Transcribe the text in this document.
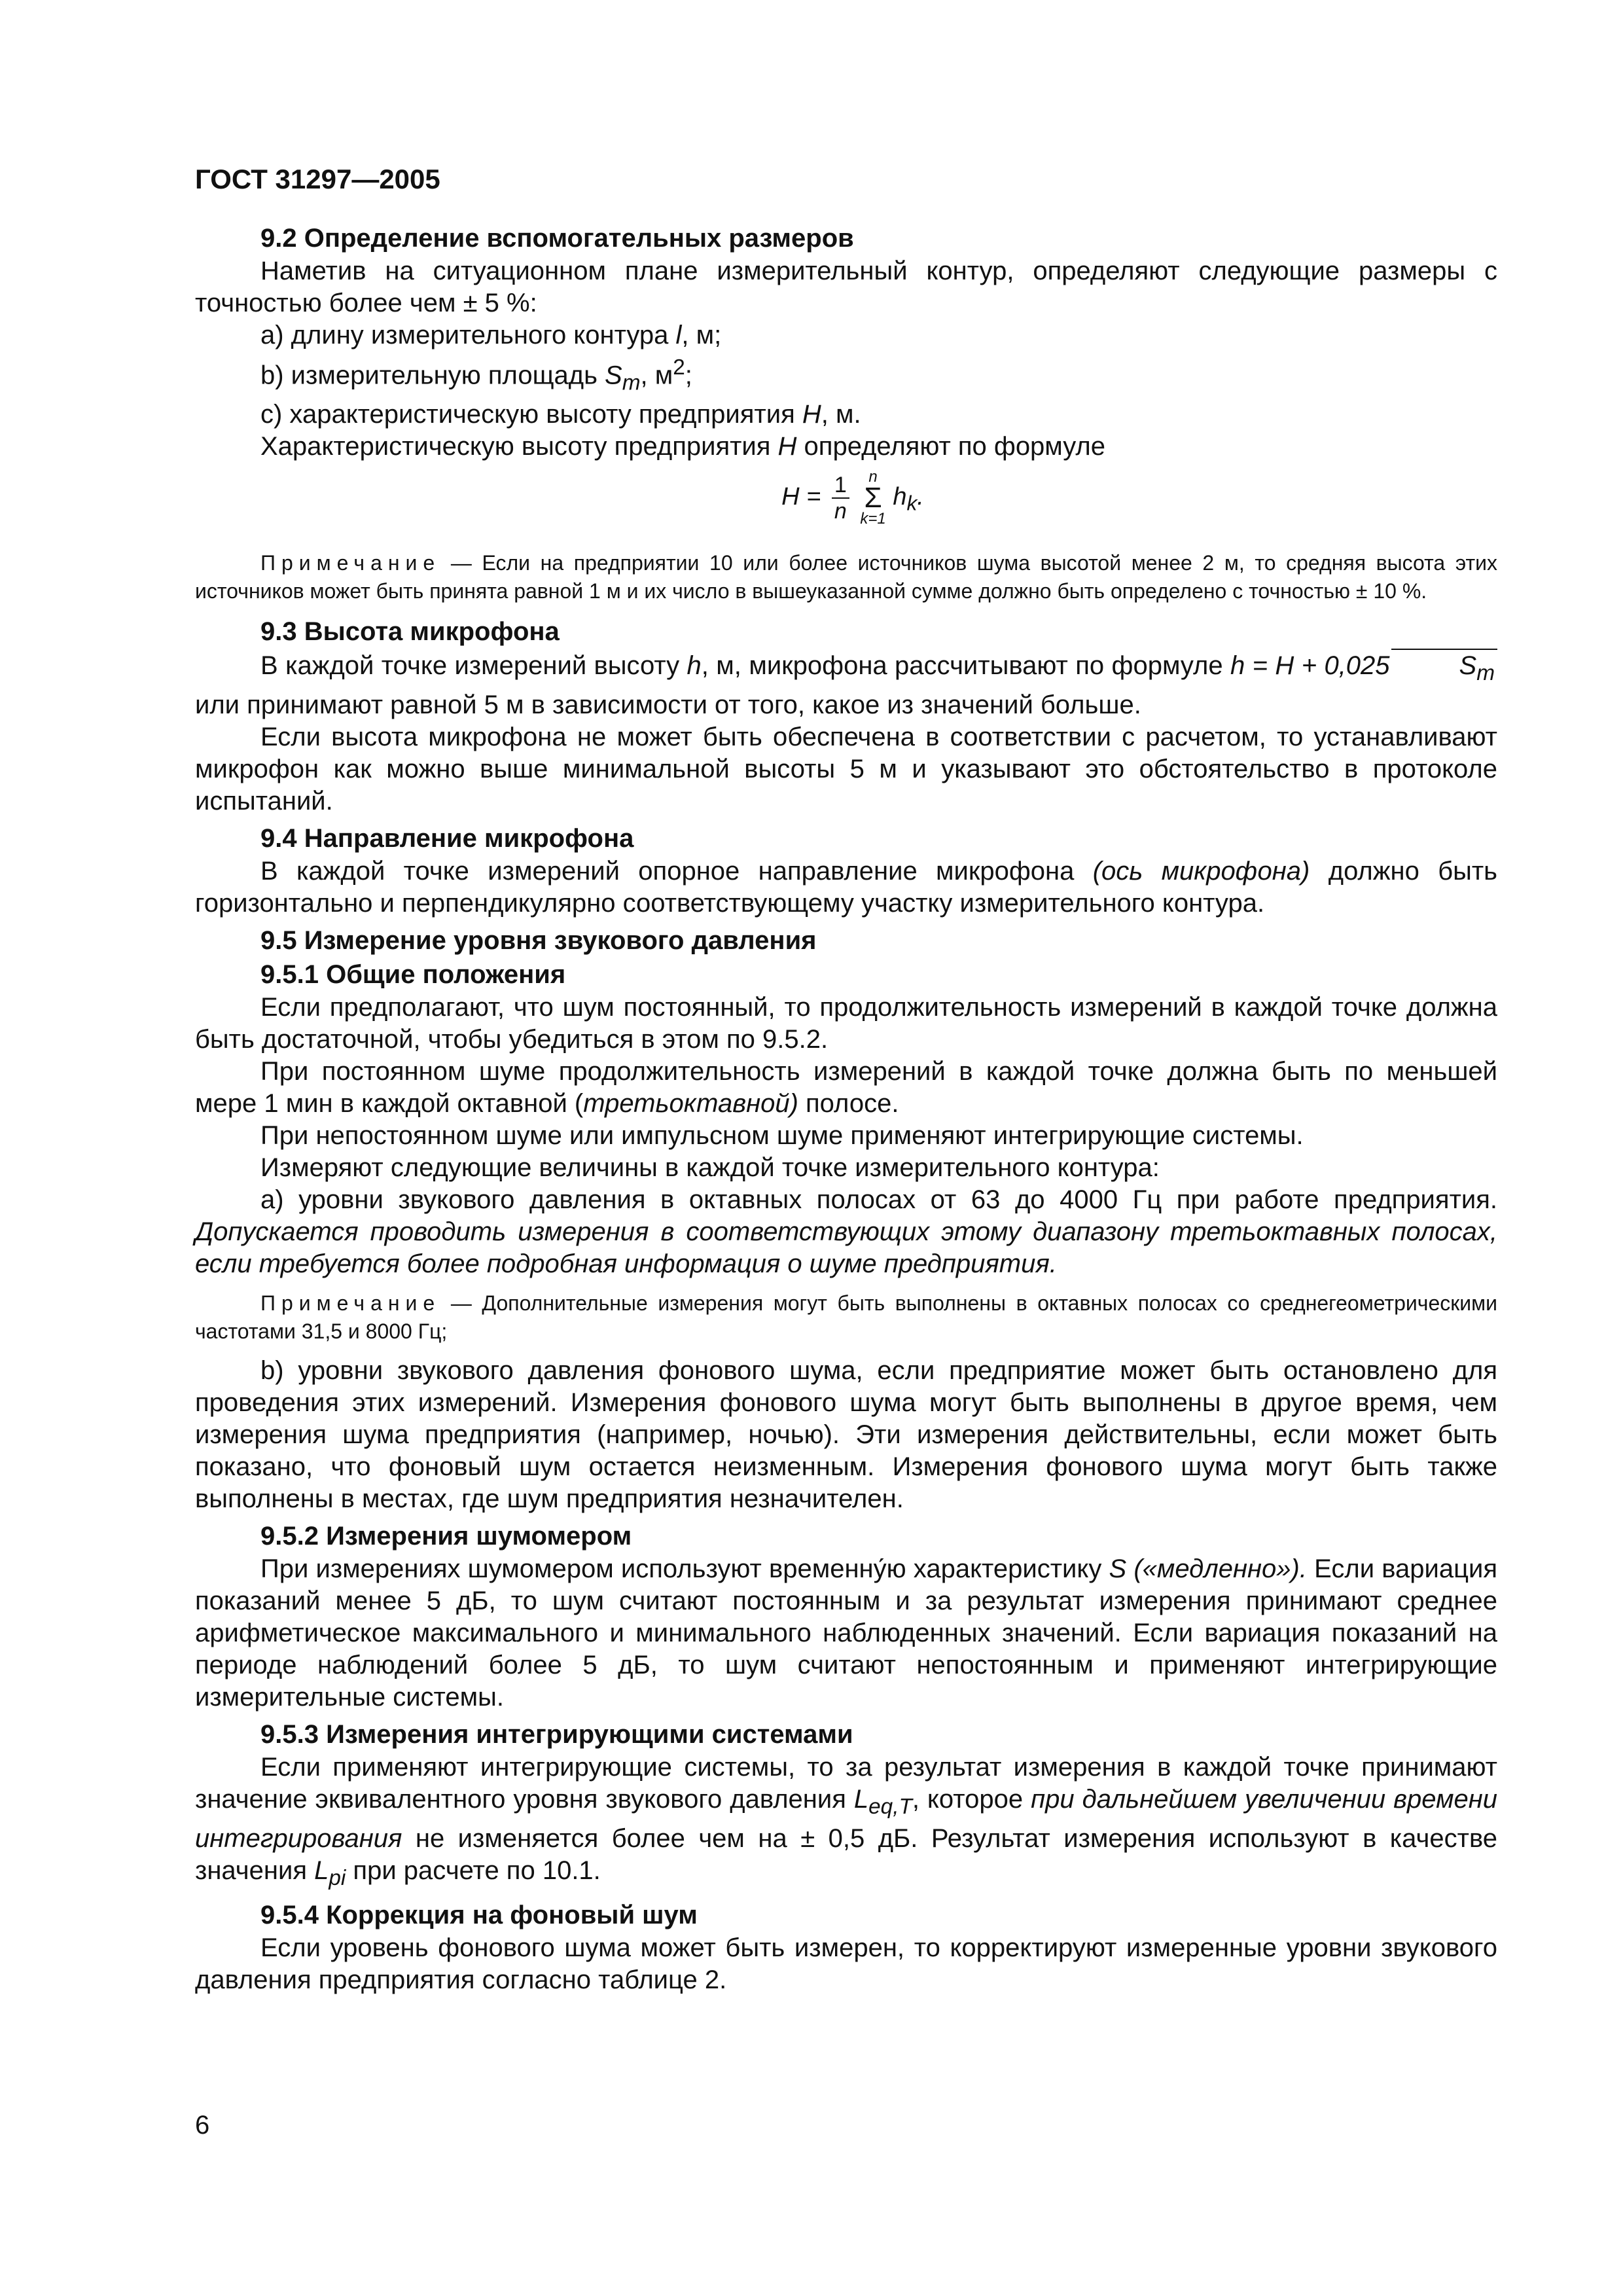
ГОСТ 31297—2005
9.2 Определение вспомогательных размеров

Наметив на ситуационном плане измерительный контур, определяют следующие размеры с точностью более чем ± 5 %:

a) длину измерительного контура l, м;

b) измерительную площадь $S_m$, $м^2$;

c) характеристическую высоту предприятия H, м.

Характеристическую высоту предприятия H определяют по формуле

$H = \frac{1}{n}$
	n
Σ
k=1
$h_k$.

Примечание — Если на предприятии 10 или более источников шума высотой менее 2 м, то средняя высота этих источников может быть принята равной 1 м и их число в вышеуказанной сумме должно быть определено с точностью ± 10 %.

9.3 Высота микрофона

В каждой точке измерений высоту h, м, микрофона рассчитывают по формуле h = H + 0,025	$S_m$ или принимают равной 5 м в зависимости от того, какое из значений больше.

Если высота микрофона не может быть обеспечена в соответствии с расчетом, то устанавливают микрофон как можно выше минимальной высоты 5 м и указывают это обстоятельство в протоколе испытаний.

9.4 Направление микрофона

В каждой точке измерений опорное направление микрофона (ось микрофона) должно быть горизонтально и перпендикулярно соответствующему участку измерительного контура.

9.5 Измерение уровня звукового давления
9.5.1 Общие положения

Если предполагают, что шум постоянный, то продолжительность измерений в каждой точке должна быть достаточной, чтобы убедиться в этом по 9.5.2.

При постоянном шуме продолжительность измерений в каждой точке должна быть по меньшей мере 1 мин в каждой октавной (третьоктавной) полосе.

При непостоянном шуме или импульсном шуме применяют интегрирующие системы.

Измеряют следующие величины в каждой точке измерительного контура:

a) уровни звукового давления в октавных полосах от 63 до 4000 Гц при работе предприятия. Допускается проводить измерения в соответствующих этому диапазону третьоктавных полосах, если требуется более подробная информация о шуме предприятия.

Примечание — Дополнительные измерения могут быть выполнены в октавных полосах со среднегеометрическими частотами 31,5 и 8000 Гц;

b) уровни звукового давления фонового шума, если предприятие может быть остановлено для проведения этих измерений. Измерения фонового шума могут быть выполнены в другое время, чем измерения шума предприятия (например, ночью). Эти измерения действительны, если может быть показано, что фоновый шум остается неизменным. Измерения фонового шума могут быть также выполнены в местах, где шум предприятия незначителен.

9.5.2 Измерения шумомером

При измерениях шумомером используют временну́ю характеристику S («медленно»). Если вариация показаний менее 5 дБ, то шум считают постоянным и за результат измерения принимают среднее арифметическое максимального и минимального наблюденных значений. Если вариация показаний на периоде наблюдений более 5 дБ, то шум считают непостоянным и применяют интегрирующие измерительные системы.

9.5.3 Измерения интегрирующими системами

Если применяют интегрирующие системы, то за результат измерения в каждой точке принимают значение эквивалентного уровня звукового давления $L_{eq,T}$, которое при дальнейшем увеличении времени интегрирования не изменяется более чем на ± 0,5 дБ. Результат измерения используют в качестве значения $L_{pi}$ при расчете по 10.1.

9.5.4 Коррекция на фоновый шум

Если уровень фонового шума может быть измерен, то корректируют измеренные уровни звукового давления предприятия согласно таблице 2.

6
